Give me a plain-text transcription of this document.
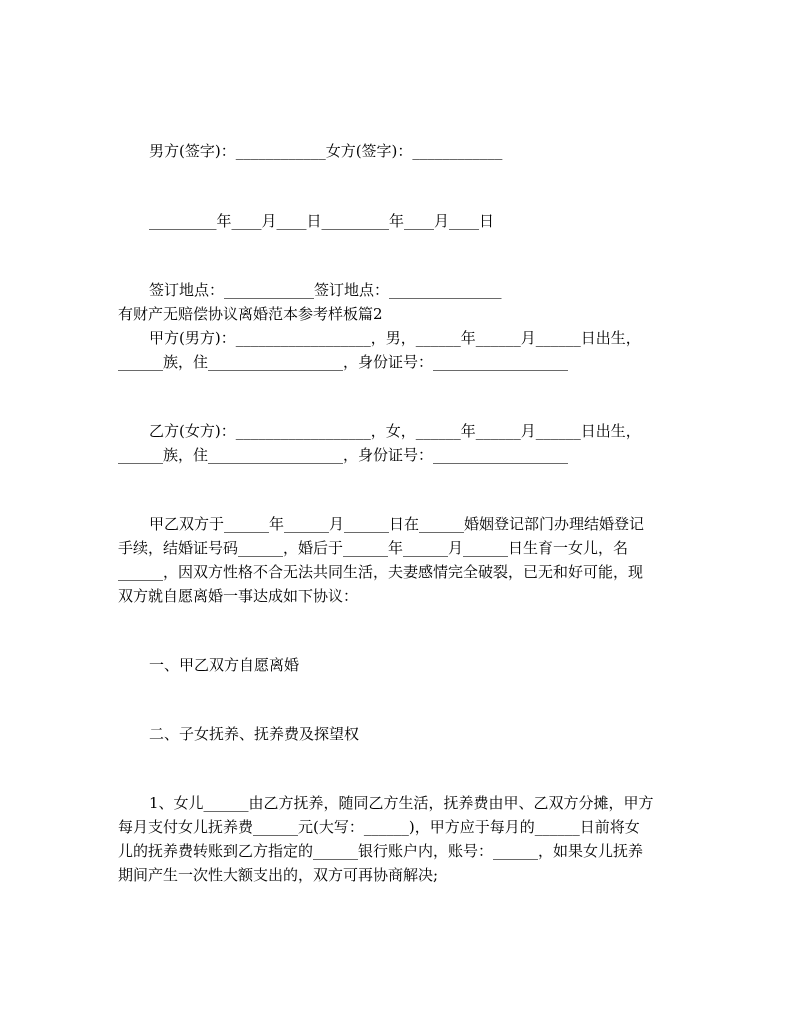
男方(签字)：____________女方(签字)：____________
_________年____月____日_________年____月____日
签订地点：____________签订地点：_______________
有财产无赔偿协议离婚范本参考样板篇2
甲方(男方)：__________________，男，______年______月______日出生，
______族，住__________________，身份证号：__________________
乙方(女方)：__________________，女，______年______月______日出生，
______族，住__________________，身份证号：__________________
甲乙双方于______年______月______日在______婚姻登记部门办理结婚登记
手续，结婚证号码______，婚后于______年______月______日生育一女儿，名
______，因双方性格不合无法共同生活，夫妻感情完全破裂，已无和好可能，现
双方就自愿离婚一事达成如下协议：
一、甲乙双方自愿离婚
二、子女抚养、抚养费及探望权
1、女儿______由乙方抚养，随同乙方生活，抚养费由甲、乙双方分摊，甲方
每月支付女儿抚养费______元(大写：______)，甲方应于每月的______日前将女
儿的抚养费转账到乙方指定的______银行账户内，账号：______，如果女儿抚养
期间产生一次性大额支出的，双方可再协商解决;
